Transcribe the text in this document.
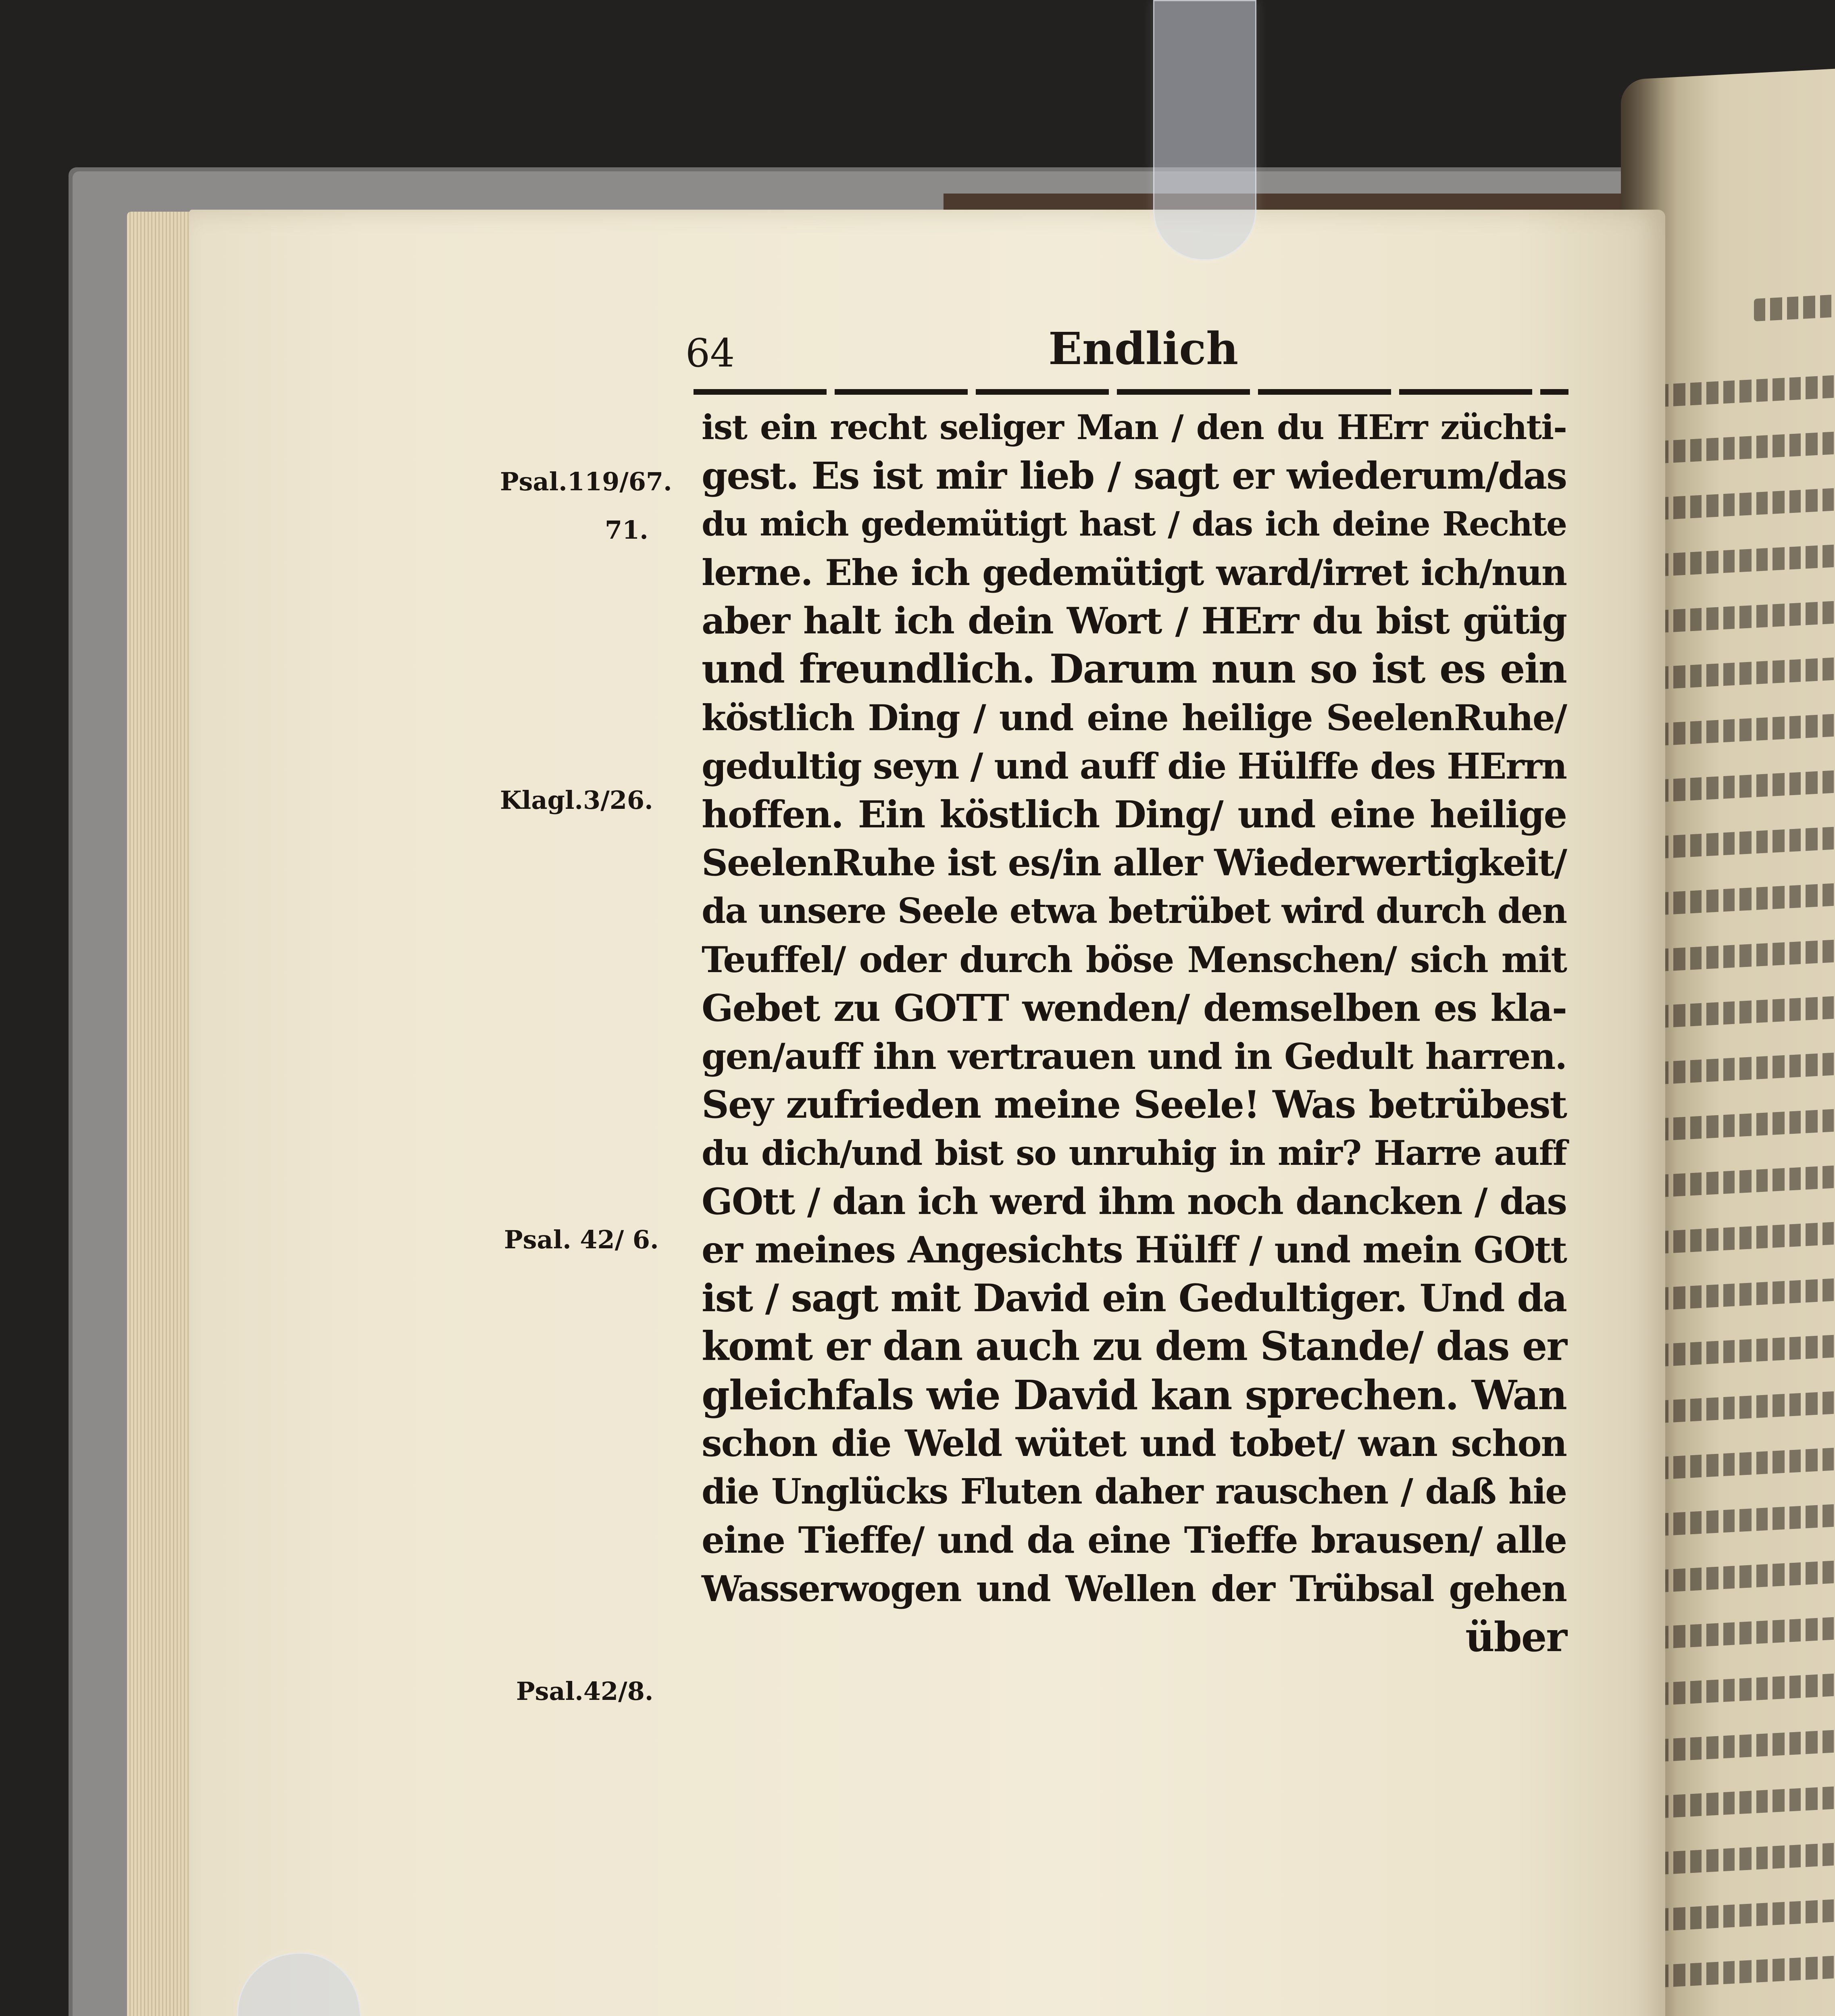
64	Endlich
Psal.119/67.
71.
Klagl.3/26.
Psal. 42/ 6.
Psal.42/8.
ist ein recht seliger Man / den du HErr züchti-
gest. Es ist mir lieb / sagt er wiederum/das
du mich gedemütigt hast / das ich deine Rechte
lerne. Ehe ich gedemütigt ward/irret ich/nun
aber halt ich dein Wort / HErr du bist gütig
und freundlich. Darum nun so ist es ein
köstlich Ding / und eine heilige SeelenRuhe/
gedultig seyn / und auff die Hülffe des HErrn
hoffen. Ein köstlich Ding/ und eine heilige
SeelenRuhe ist es/in aller Wiederwertigkeit/
da unsere Seele etwa betrübet wird durch den
Teuffel/ oder durch böse Menschen/ sich mit
Gebet zu GOTT wenden/ demselben es kla-
gen/auff ihn vertrauen und in Gedult harren.
Sey zufrieden meine Seele! Was betrübest
du dich/und bist so unruhig in mir? Harre auff
GOtt / dan ich werd ihm noch dancken / das
er meines Angesichts Hülff / und mein GOtt
ist / sagt mit David ein Gedultiger. Und da
komt er dan auch zu dem Stande/ das er
gleichfals wie David kan sprechen. Wan
schon die Weld wütet und tobet/ wan schon
die Unglücks Fluten daher rauschen / daß hie
eine Tieffe/ und da eine Tieffe brausen/ alle
Wasserwogen und Wellen der Trübsal gehen
über
